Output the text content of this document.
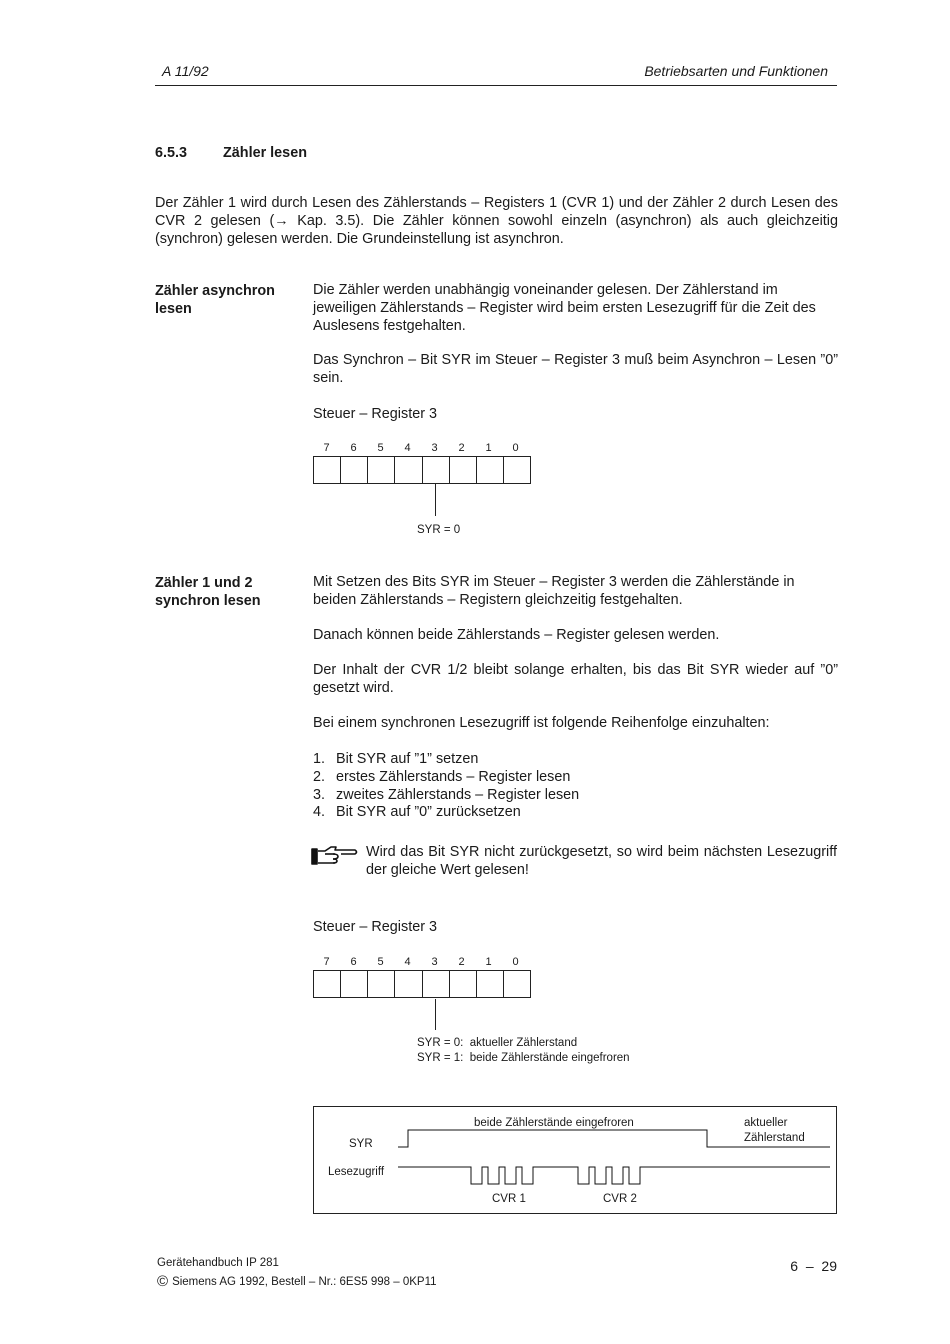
A 11/92	Betriebsarten und Funktionen
6.5.3 Zähler lesen
Der Zähler 1 wird durch Lesen des Zählerstands – Registers 1 (CVR 1) und der Zähler 2 durch Lesen des CVR 2 gelesen (→ Kap. 3.5). Die Zähler können sowohl einzeln (asynchron) als auch gleichzeitig (synchron) gelesen werden. Die Grundeinstellung ist asynchron.
Zähler asynchron
lesen
Die Zähler werden unabhängig voneinander gelesen. Der Zählerstand im jeweiligen Zählerstands – Register wird beim ersten Lesezugriff für die Zeit des Auslesens festgehalten.
Das Synchron – Bit SYR im Steuer – Register 3 muß beim Asynchron – Lesen ”0” sein.
Steuer – Register 3
7	6	5	4	3	2	1	0
SYR = 0
Zähler 1 und 2
synchron lesen
Mit Setzen des Bits SYR im Steuer – Register 3 werden die Zählerstände in beiden Zählerstands – Registern gleichzeitig festgehalten.
Danach können beide Zählerstands – Register gelesen werden.
Der Inhalt der CVR 1/2 bleibt solange erhalten, bis das Bit SYR wieder auf ”0” gesetzt wird.
Bei einem synchronen Lesezugriff ist folgende Reihenfolge einzuhalten:
1. Bit SYR auf ”1” setzen
2. erstes Zählerstands – Register lesen
3. zweites Zählerstands – Register lesen
4. Bit SYR auf ”0” zurücksetzen
Wird das Bit SYR nicht zurückgesetzt, so wird beim nächsten Lesezugriff der gleiche Wert gelesen!
Steuer – Register 3
7	6	5	4	3	2	1	0
SYR = 0:  aktueller Zählerstand
SYR = 1:  beide Zählerstände eingefroren
beide Zählerstände eingefroren	aktueller
Zählerstand
SYR
Lesezugriff
CVR 1	CVR 2
Gerätehandbuch IP 281
© Siemens AG 1992, Bestell – Nr.: 6ES5 998 – 0KP11
6  –  29
